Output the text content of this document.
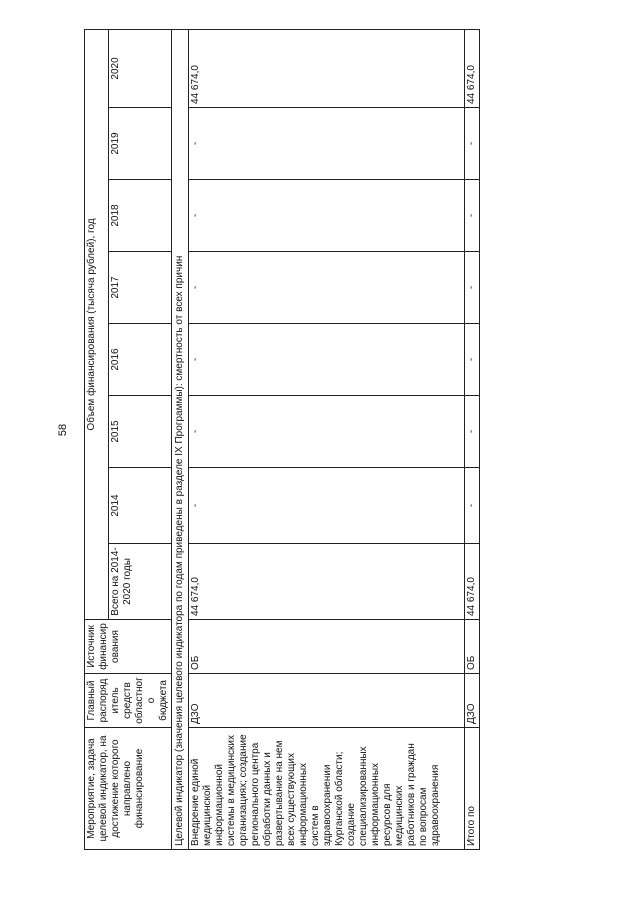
58
Мероприятие, задача целевой индикатор, на достижение которого направлено финансирование	Главный распорядитель средств областного бюджета	Источник финансирования	Объем финансирования (тысяча рублей), год							
			Всего на 2014-2020 годы	2014	2015	2016	2017	2018	2019	2020
Целевой индикатор (значения целевого индикатора по годам приведены в разделе IX Программы): смертность от всех причин										
Внедрение единой медицинской информационной системы в медицинских организациях; создание регионального центра обработки данных и развертывание на нем всех существующих информационных систем в здравоохранении Курганской области; создание специализированных информационных ресурсов для медицинских работников и граждан по вопросам здравоохранения	ДЗО	ОБ	44 674,0	-	-	-	-	-	-	44 674,0
Итого по	ДЗО	ОБ	44 674,0	-	-	-	-	-	-	44 674,0
